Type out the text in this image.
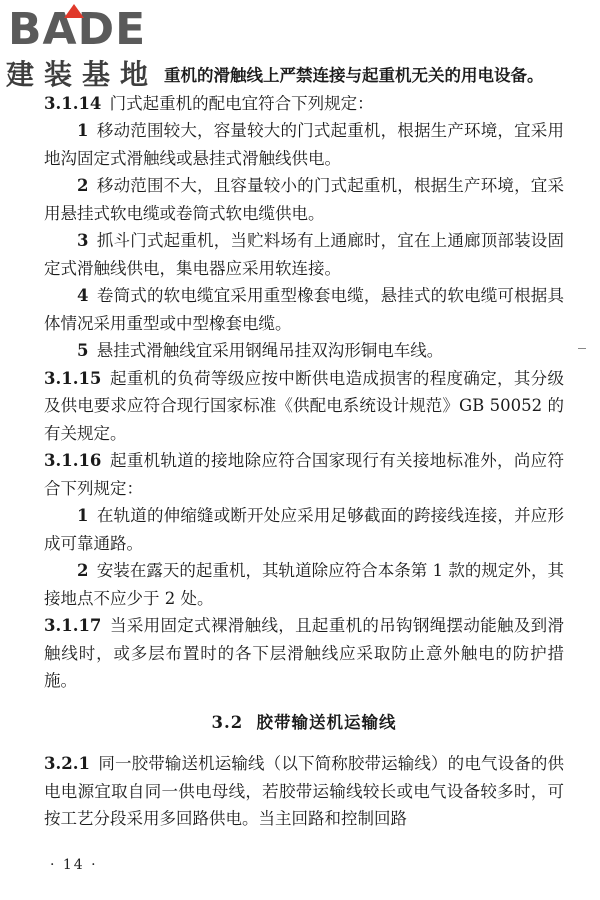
BADE
建装基地 重机的滑触线上严禁连接与起重机无关的用电设备。

3.1.14 门式起重机的配电宜符合下列规定：

1 移动范围较大，容量较大的门式起重机，根据生产环境，宜采用地沟固定式滑触线或悬挂式滑触线供电。

2 移动范围不大，且容量较小的门式起重机，根据生产环境，宜采用悬挂式软电缆或卷筒式软电缆供电。

3 抓斗门式起重机，当贮料场有上通廊时，宜在上通廊顶部装设固定式滑触线供电，集电器应采用软连接。

4 卷筒式的软电缆宜采用重型橡套电缆，悬挂式的软电缆可根据具体情况采用重型或中型橡套电缆。

5 悬挂式滑触线宜采用钢绳吊挂双沟形铜电车线。

3.1.15 起重机的负荷等级应按中断供电造成损害的程度确定，其分级及供电要求应符合现行国家标准《供配电系统设计规范》GB 50052 的有关规定。

3.1.16 起重机轨道的接地除应符合国家现行有关接地标准外，尚应符合下列规定：

1 在轨道的伸缩缝或断开处应采用足够截面的跨接线连接，并应形成可靠通路。

2 安装在露天的起重机，其轨道除应符合本条第 1 款的规定外，其接地点不应少于 2 处。

3.1.17 当采用固定式裸滑触线，且起重机的吊钩钢绳摆动能触及到滑触线时，或多层布置时的各下层滑触线应采取防止意外触电的防护措施。

3.2 胶带输送机运输线

3.2.1 同一胶带输送机运输线（以下简称胶带运输线）的电气设备的供电电源宜取自同一供电母线，若胶带运输线较长或电气设备较多时，可按工艺分段采用多回路供电。当主回路和控制回路

· 14 ·
